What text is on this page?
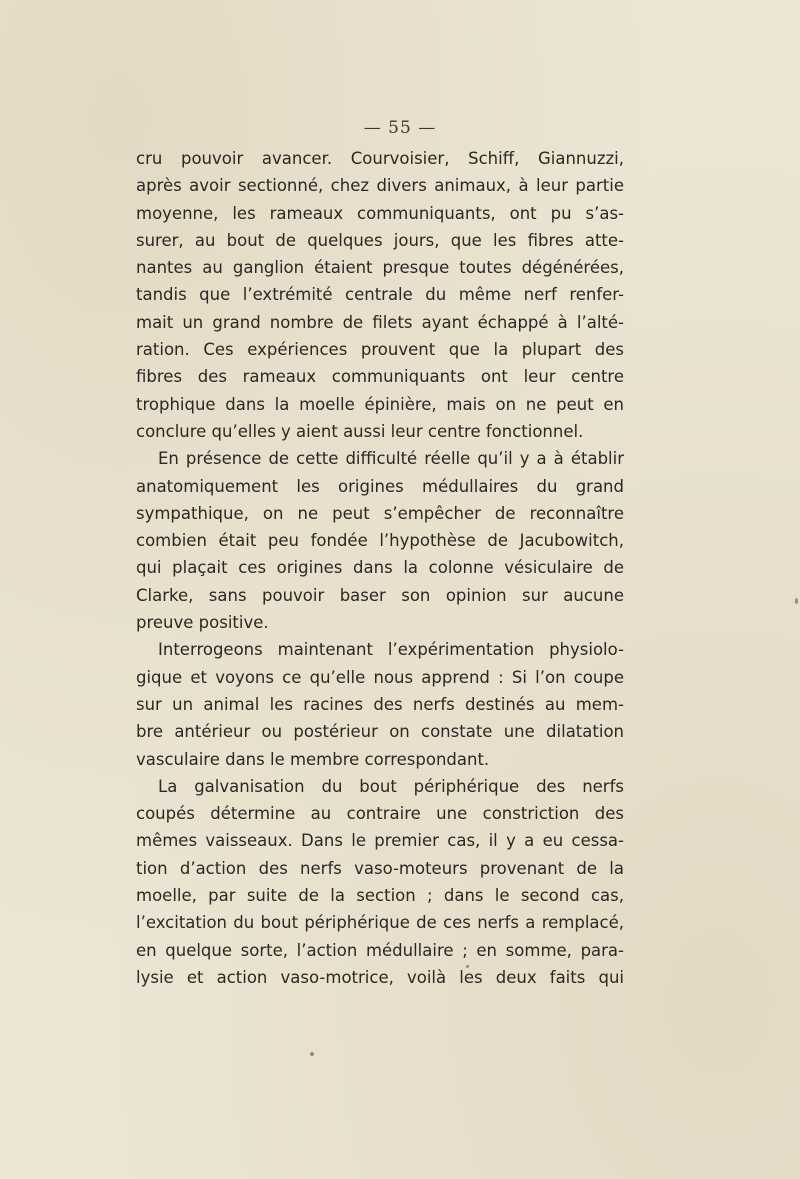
— 55 —
cru pouvoir avancer. Courvoisier, Schiff, Giannuzzi,
après avoir sectionné, chez divers animaux, à leur partie
moyenne, les rameaux communiquants, ont pu s’as-
surer, au bout de quelques jours, que les fibres atte-
nantes au ganglion étaient presque toutes dégénérées,
tandis que l’extrémité centrale du même nerf renfer-
mait un grand nombre de filets ayant échappé à l’alté-
ration. Ces expériences prouvent que la plupart des
fibres des rameaux communiquants ont leur centre
trophique dans la moelle épinière, mais on ne peut en
conclure qu’elles y aient aussi leur centre fonctionnel.
En présence de cette difficulté réelle qu’il y a à établir
anatomiquement les origines médullaires du grand
sympathique, on ne peut s’empêcher de reconnaître
combien était peu fondée l’hypothèse de Jacubowitch,
qui plaçait ces origines dans la colonne vésiculaire de
Clarke, sans pouvoir baser son opinion sur aucune
preuve positive.
Interrogeons maintenant l’expérimentation physiolo-
gique et voyons ce qu’elle nous apprend : Si l’on coupe
sur un animal les racines des nerfs destinés au mem-
bre antérieur ou postérieur on constate une dilatation
vasculaire dans le membre correspondant.
La galvanisation du bout périphérique des nerfs
coupés détermine au contraire une constriction des
mêmes vaisseaux. Dans le premier cas, il y a eu cessa-
tion d’action des nerfs vaso-moteurs provenant de la
moelle, par suite de la section ; dans le second cas,
l’excitation du bout périphérique de ces nerfs a remplacé,
en quelque sorte, l’action médullaire ; en somme, para-
lysie et action vaso-motrice, voilà les deux faits qui
